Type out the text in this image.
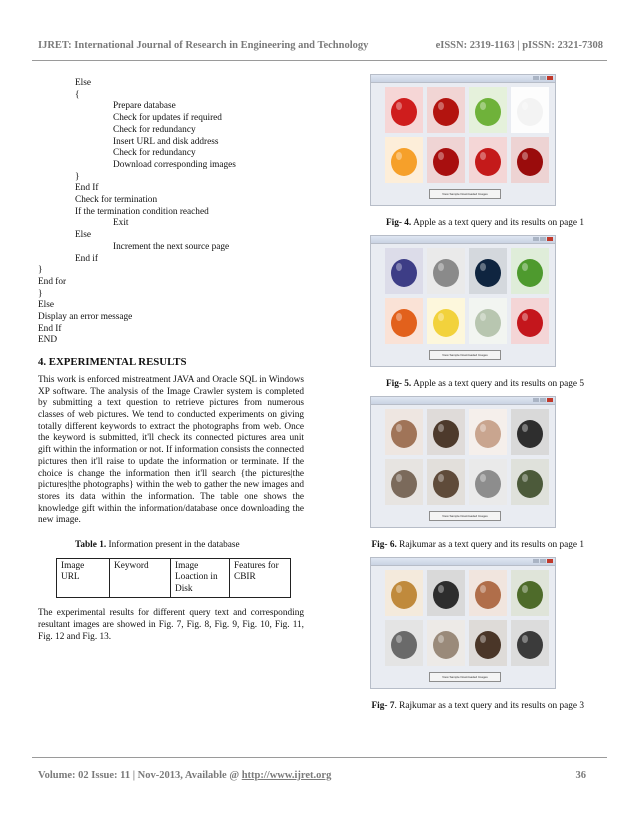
IJRET: International Journal of Research in Engineering and Technology	eISSN: 2319-1163 | pISSN: 2321-7308
Else
{
Prepare database
Check for updates if required
Check for redundancy
Insert URL and disk address
Check for redundancy
Download corresponding images
}
End If
Check for termination
If the termination condition reached
Exit
Else
Increment the next source page
End if
}
End for
}
Else
Display an error message
End If
END
4. EXPERIMENTAL RESULTS
This work is enforced mistreatment JAVA and Oracle SQL in Windows XP software. The analysis of the Image Crawler system is completed by submitting a text question to retrieve pictures from numerous classes of web pictures. We tend to conducted experiments on giving totally different keywords to extract the photographs from web. Once the keyword is submitted, it'll check its connected pictures area unit gift within the information or not. If information consists the connected pictures then it'll raise to update the information or terminate. If the choice is change the information then it'll search {the pictures|the pictures|the photographs} within the web to gather the new images and stores its data within the information. The table one shows the knowledge gift within the information/database once downloading the new image.
Table 1. Information present in the database
Image URL	Keyword	Image Loaction in Disk	Features for CBIR
The experimental results for different query text and corresponding resultant images are showed in Fig. 7, Fig. 8, Fig. 9, Fig. 10, Fig. 11, Fig. 12 and Fig. 13.
View Sample Downloaded Images
Fig- 4. Apple as a text query and its results on page 1
View Sample Downloaded Images
Fig- 5. Apple as a text query and its results on page 5
View Sample Downloaded Images
Fig- 6. Rajkumar as a text query and its results on page 1
View Sample Downloaded Images
Fig- 7. Rajkumar as a text query and its results on page 3
Volume: 02 Issue: 11 | Nov-2013, Available @ http://www.ijret.org	36
